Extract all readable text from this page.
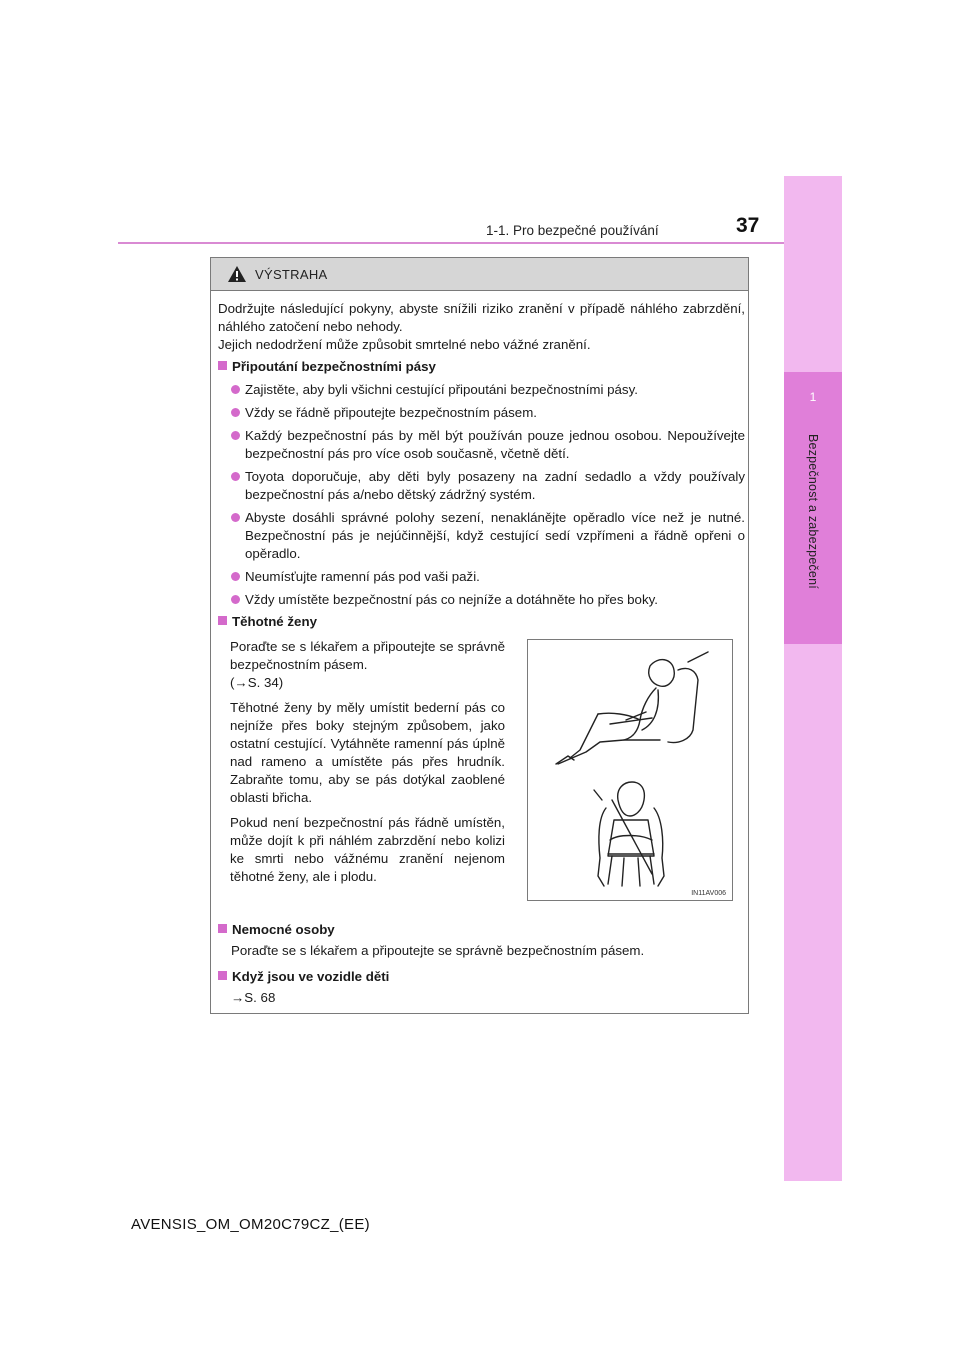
1
Bezpečnost a zabezpečení
1-1. Pro bezpečné používání	37
VÝSTRAHA

Dodržujte následující pokyny, abyste snížili riziko zranění v případě náhlého zabrzdění, náhlého zatočení nebo nehody.

Jejich nedodržení může způsobit smrtelné nebo vážné zranění.

Připoutání bezpečnostními pásy
Zajistěte, aby byli všichni cestující připoutáni bezpečnostními pásy.
Vždy se řádně připoutejte bezpečnostním pásem.
Každý bezpečnostní pás by měl být používán pouze jednou osobou. Nepoužívejte bezpečnostní pás pro více osob současně, včetně dětí.
Toyota doporučuje, aby děti byly posazeny na zadní sedadlo a vždy používaly bezpečnostní pás a/nebo dětský zádržný systém.
Abyste dosáhli správné polohy sezení, nenaklánějte opěradlo více než je nutné. Bezpečnostní pás je nejúčinnější, když cestující sedí vzpřímeni a řádně opřeni o opěradlo.
Neumísťujte ramenní pás pod vaši paži.
Vždy umístěte bezpečnostní pás co nejníže a dotáhněte ho přes boky.
Těhotné ženy

Poraďte se s lékařem a připoutejte se správně bezpečnostním pásem.

(→S. 34)

Těhotné ženy by měly umístit bederní pás co nejníže přes boky stejným způsobem, jako ostatní cestující. Vytáhněte ramenní pás úplně nad rameno a umístěte pás přes hrudník. Zabraňte tomu, aby se pás dotýkal zaoblené oblasti břicha.

Pokud není bezpečnostní pás řádně umístěn, může dojít k při náhlém zabrzdění nebo kolizi ke smrti nebo vážnému zranění nejenom těhotné ženy, ale i plodu.

IN11AV006
Nemocné osoby
Poraďte se s lékařem a připoutejte se správně bezpečnostním pásem.
Když jsou ve vozidle děti
→S. 68
AVENSIS_OM_OM20C79CZ_(EE)
